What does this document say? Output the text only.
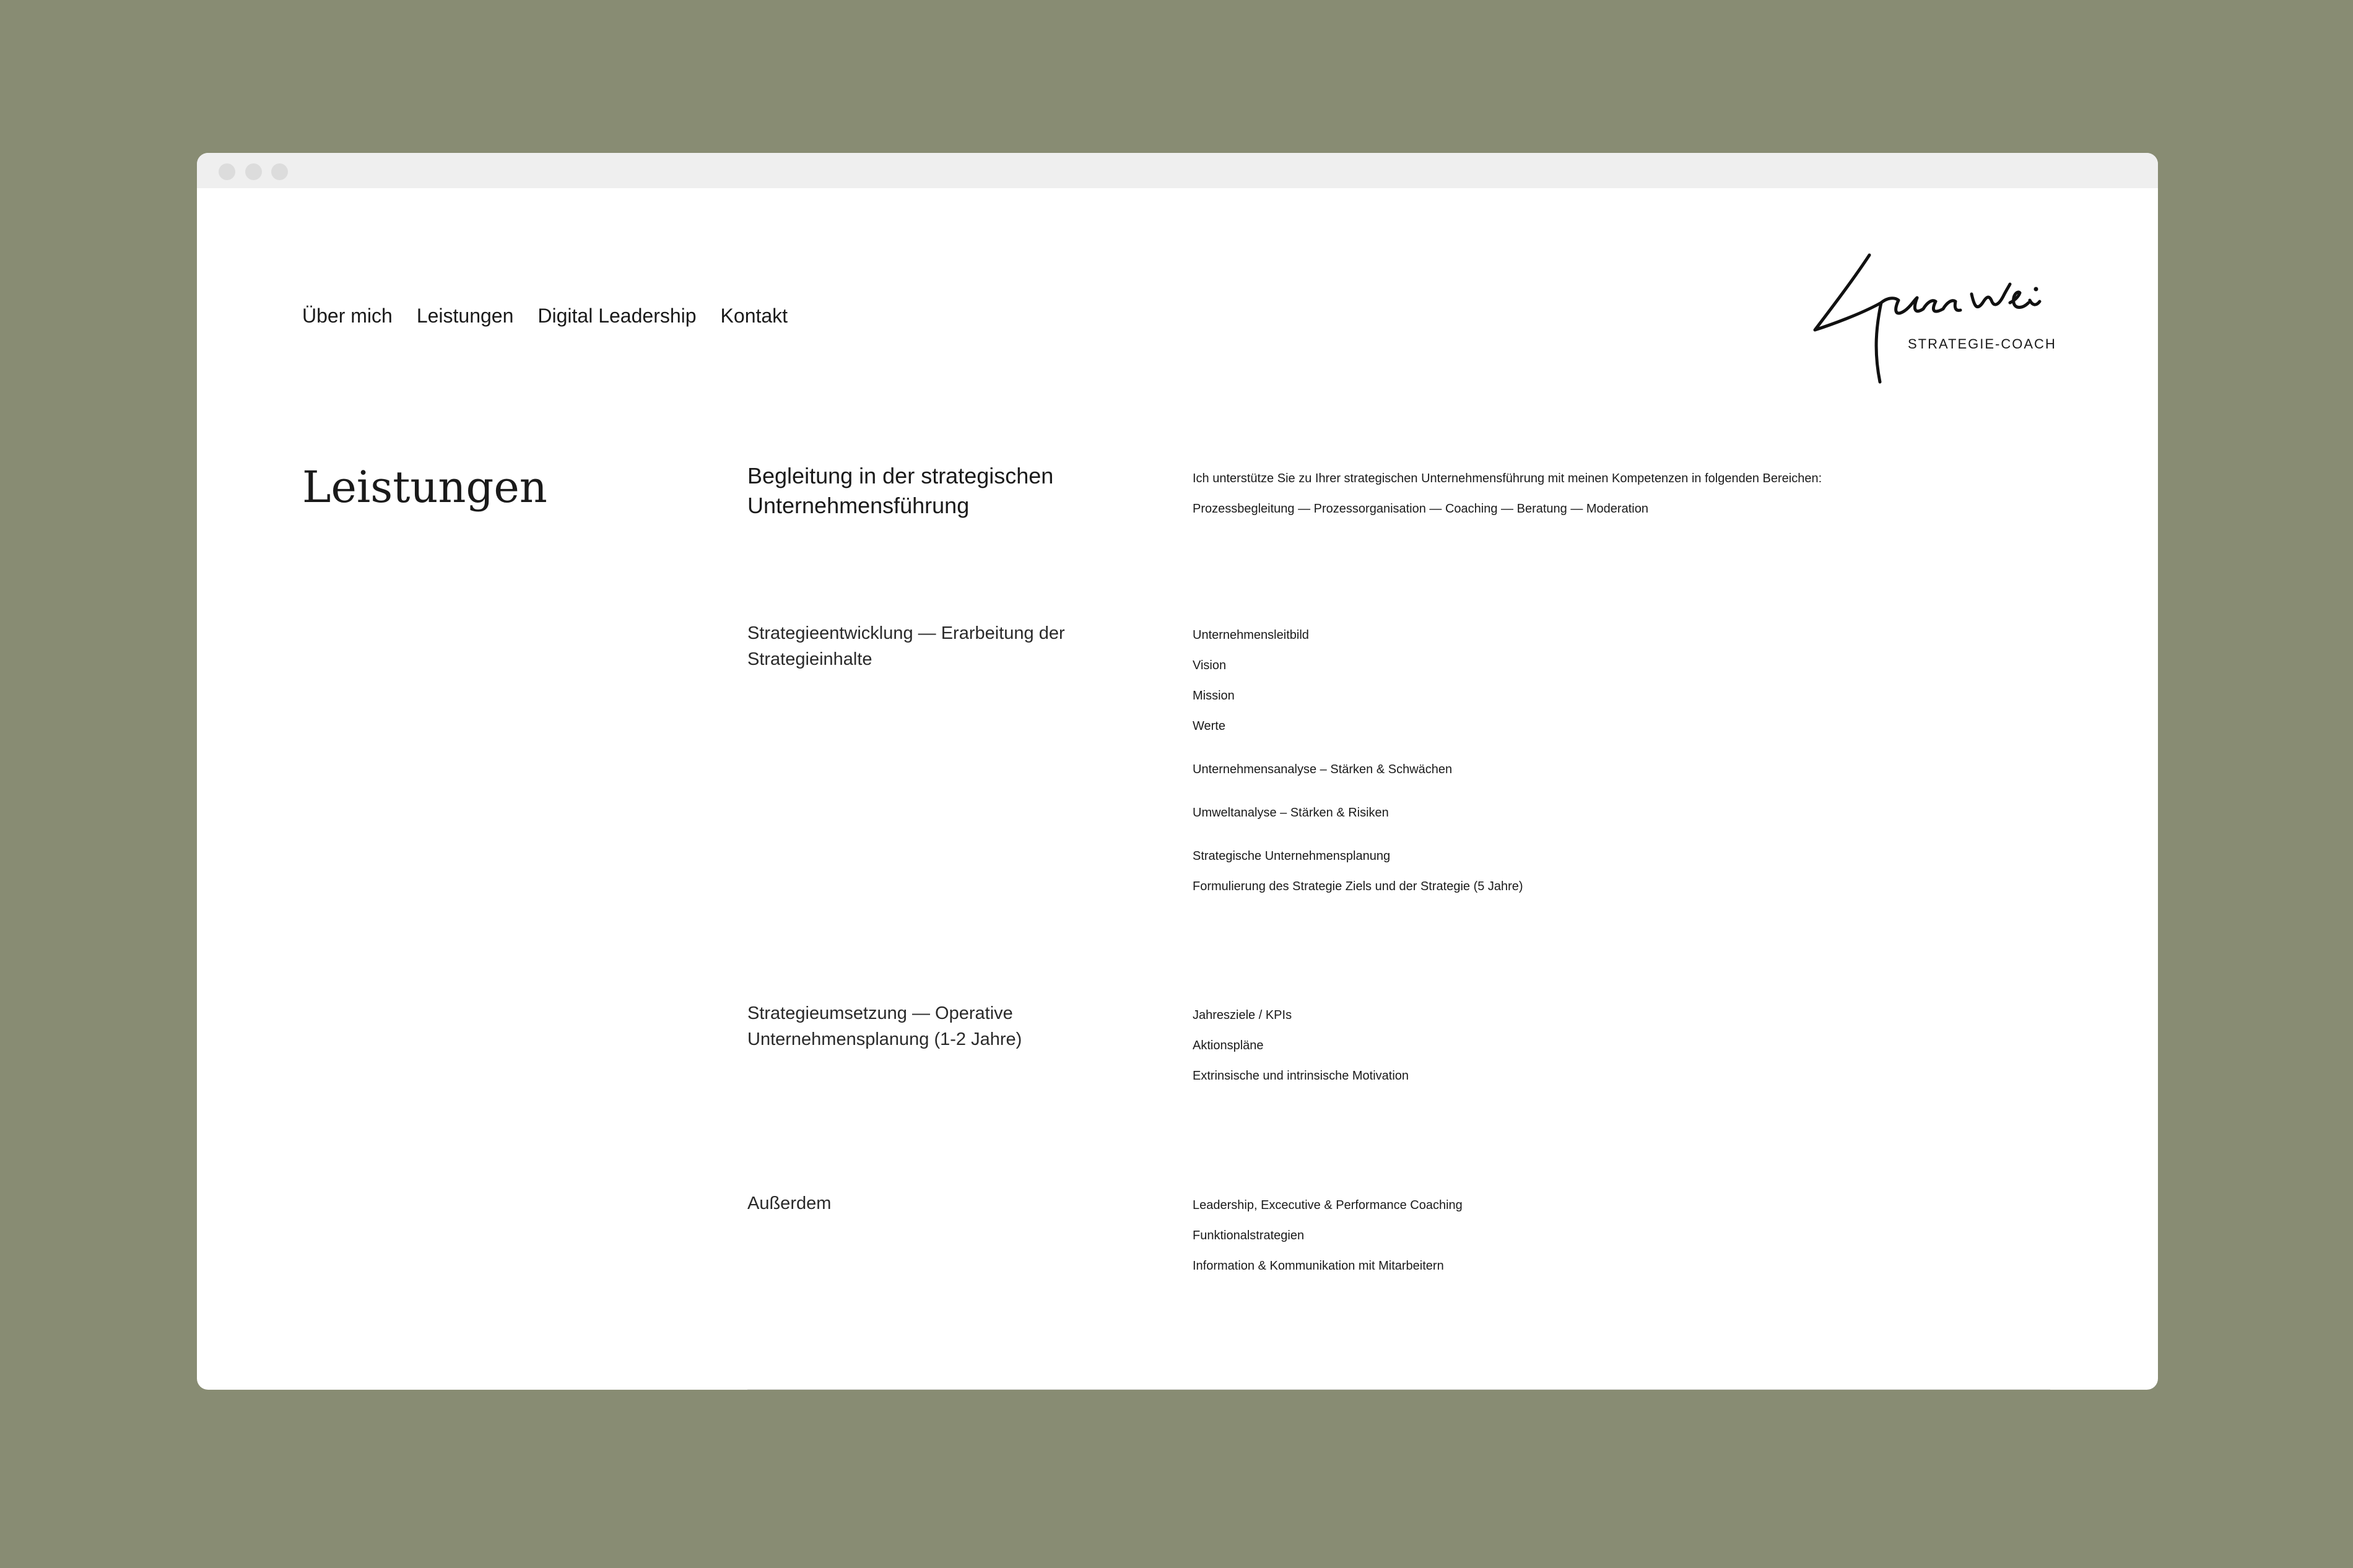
Über mich Leistungen Digital Leadership Kontakt
STRATEGIE-COACH
Leistungen	Begleitung in der strategischen Unternehmensführung
Ich unterstütze Sie zu Ihrer strategischen Unternehmensführung mit meinen Kompetenzen in folgenden Bereichen:
Prozessbegleitung — Prozessorganisation — Coaching — Beratung — Moderation
Strategieentwicklung — Erarbeitung der Strategieinhalte
Unternehmensleitbild
Vision
Mission
Werte
Unternehmensanalyse – Stärken & Schwächen
Umweltanalyse – Stärken & Risiken
Strategische Unternehmensplanung
Formulierung des Strategie Ziels und der Strategie (5 Jahre)
Strategieumsetzung — Operative Unternehmensplanung (1-2 Jahre)
Jahresziele / KPIs
Aktionspläne
Extrinsische und intrinsische Motivation
Außerdem	Leadership, Excecutive & Performance Coaching
Funktionalstrategien
Information & Kommunikation mit Mitarbeitern
